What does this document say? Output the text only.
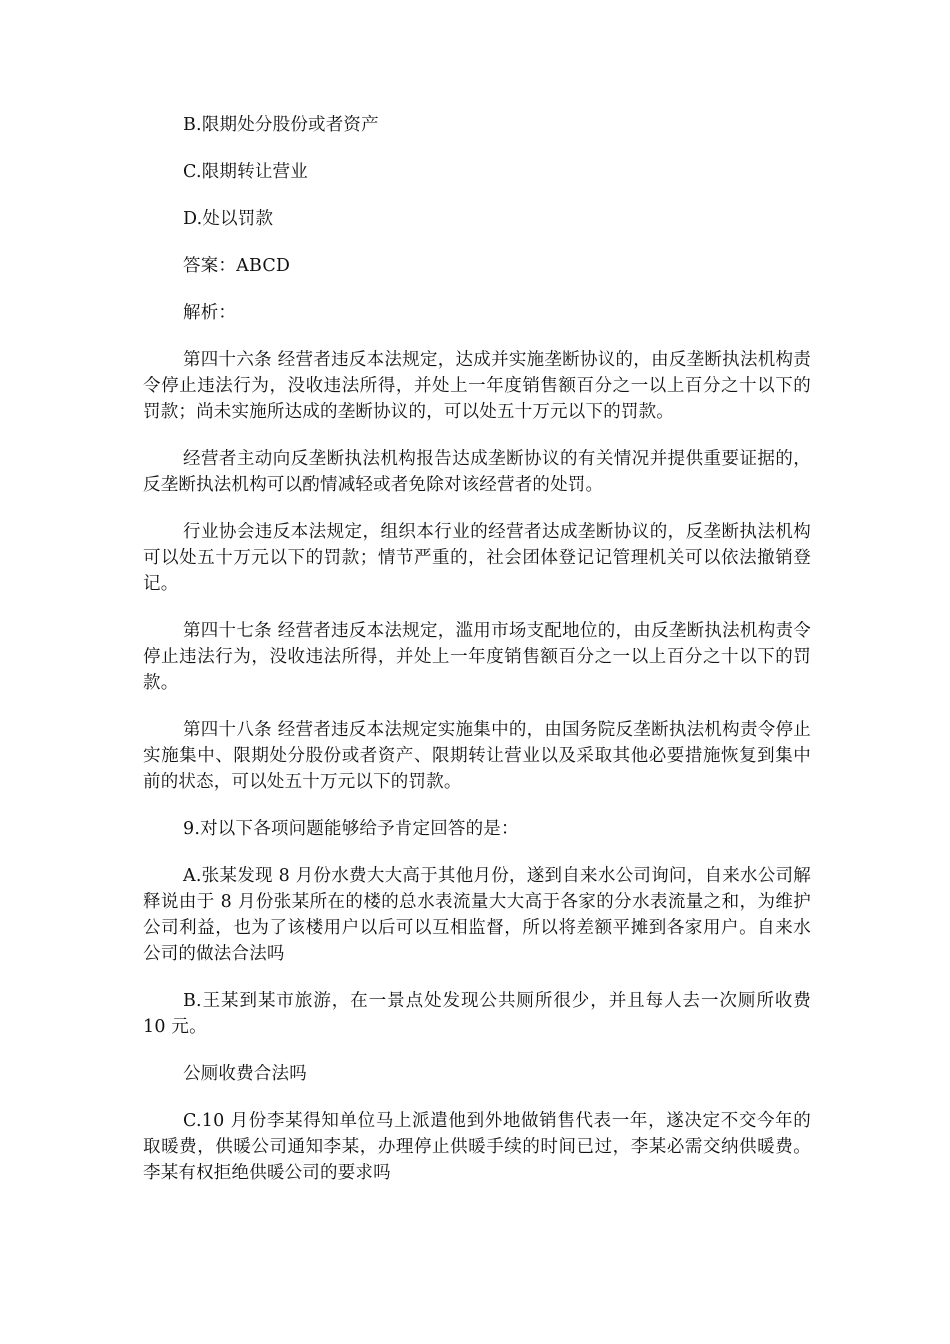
B.限期处分股份或者资产

C.限期转让营业

D.处以罚款

答案：ABCD

解析：

第四十六条 经营者违反本法规定，达成并实施垄断协议的，由反垄断执法机构责令停止违法行为，没收违法所得，并处上一年度销售额百分之一以上百分之十以下的罚款；尚未实施所达成的垄断协议的，可以处五十万元以下的罚款。

经营者主动向反垄断执法机构报告达成垄断协议的有关情况并提供重要证据的，反垄断执法机构可以酌情减轻或者免除对该经营者的处罚。

行业协会违反本法规定，组织本行业的经营者达成垄断协议的，反垄断执法机构可以处五十万元以下的罚款；情节严重的，社会团体登记记管理机关可以依法撤销登记。

第四十七条 经营者违反本法规定，滥用市场支配地位的，由反垄断执法机构责令停止违法行为，没收违法所得，并处上一年度销售额百分之一以上百分之十以下的罚款。

第四十八条 经营者违反本法规定实施集中的，由国务院反垄断执法机构责令停止实施集中、限期处分股份或者资产、限期转让营业以及采取其他必要措施恢复到集中前的状态，可以处五十万元以下的罚款。

9.对以下各项问题能够给予肯定回答的是：

A.张某发现 8 月份水费大大高于其他月份，遂到自来水公司询问，自来水公司解释说由于 8 月份张某所在的楼的总水表流量大大高于各家的分水表流量之和，为维护公司利益，也为了该楼用户以后可以互相监督，所以将差额平摊到各家用户。自来水公司的做法合法吗

B.王某到某市旅游，在一景点处发现公共厕所很少，并且每人去一次厕所收费 10 元。

公厕收费合法吗

C.10 月份李某得知单位马上派遣他到外地做销售代表一年，遂决定不交今年的取暖费，供暖公司通知李某，办理停止供暖手续的时间已过，李某必需交纳供暖费。李某有权拒绝供暖公司的要求吗
